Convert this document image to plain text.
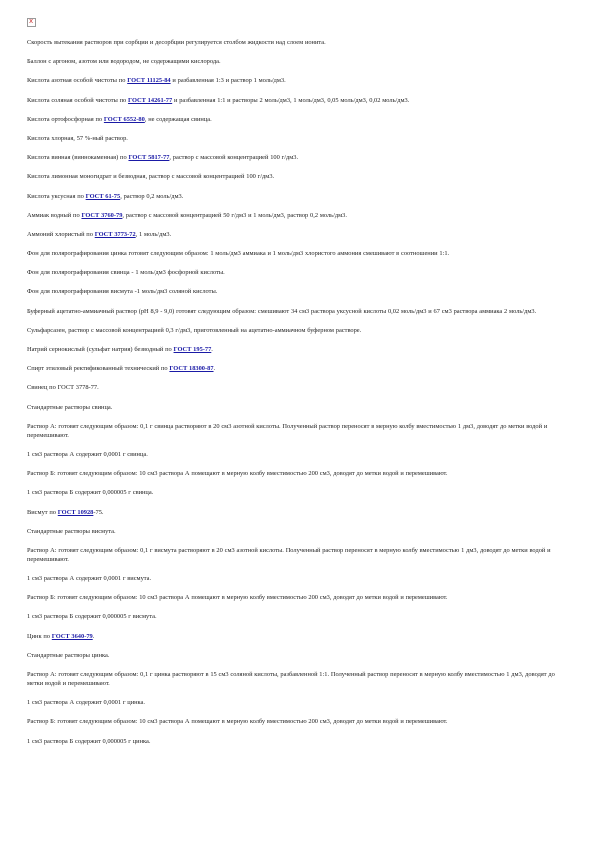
x

Скорость вытекания растворов при сорбции и десорбции регулируется столбом жидкости над слоем ионита.

Баллон с аргоном, азотом или водородом, не содержащими кислорода.

Кислота азотная особой чистоты по ГОСТ 11125-84 и разбавленная 1:3 и раствор 1 моль/дм3.

Кислота соляная особой чистоты по ГОСТ 14261-77 и разбавленная 1:1 и растворы 2 моль/дм3, 1 моль/дм3, 0,05 моль/дм3, 0,02 моль/дм3.

Кислота ортофосфорная по ГОСТ 6552-80, не содержащая свинца.

Кислота хлорная, 57 %-ный раствор.

Кислота винная (виннокаменная) по ГОСТ 5817-77, раствор с массовой концентрацией 100 г/дм3.

Кислота лимонная моногидрат и безводная, раствор с массовой концентрацией 100 г/дм3.

Кислота уксусная по ГОСТ 61-75, раствор 0,2 моль/дм3.

Аммиак водный по ГОСТ 3760-79, раствор с массовой концентрацией 50 г/дм3 и 1 моль/дм3, раствор 0,2 моль/дм3.

Аммоний хлористый по ГОСТ 3773-72, 1 моль/дм3.

Фон для полярографирования цинка готовят следующим образом: 1 моль/дм3 аммиака и 1 моль/дм3 хлористого аммония смешивают в соотношении 1:1.

Фон для полярографирования свинца - 1 моль/дм3 фосфорной кислоты.

Фон для полярографирования висмута -1 моль/дм3 соляной кислоты.

Буферный ацетатно-аммиачный раствор (рН 8,9 - 9,0) готовят следующим образом: смешивают 34 см3 раствора уксусной кислоты 0,02 моль/дм3 и 67 см3 раствора аммиака 2 моль/дм3.

Сульфарсазен, раствор с массовой концентрацией 0,3 г/дм3, приготовленный на ацетатно-аммиачном буферном растворе.

Натрий сернокислый (сульфат натрия) безводный по ГОСТ 195-77.

Спирт этиловый ректификованный технический по ГОСТ 18300-87.

Свинец по ГОСТ 3778-77.

Стандартные растворы свинца.

Раствор А: готовят следующим образом: 0,1 г свинца растворяют в 20 см3 азотной кислоты. Полученный раствор переносят в мерную колбу вместимостью 1 дм3, доводят до метки водой и перемешивают.

1 см3 раствора А содержит 0,0001 г свинца.

Раствор Б: готовят следующим образом: 10 см3 раствора А помещают в мерную колбу вместимостью 200 см3, доводят до метки водой и перемешивают.

1 см3 раствора Б содержит 0,000005 г свинца.

Висмут по ГОСТ 10928-75.

Стандартные растворы висмута.

Раствор А: готовят следующим образом: 0,1 г висмута растворяют в 20 см3 азотной кислоты. Полученный раствор переносят в мерную колбу вместимостью 1 дм3, доводят до метки водой и перемешивают.

1 см3 раствора А содержит 0,0001 г висмута.

Раствор Б: готовят следующим образом: 10 см3 раствора А помещают в мерную колбу вместимостью 200 см3, доводят до метки водой и перемешивают.

1 см3 раствора Б содержит 0,000005 г висмута.

Цинк по ГОСТ 3640-79.

Стандартные растворы цинка.

Раствор А: готовят следующим образом: 0,1 г цинка растворяют в 15 см3 соляной кислоты, разбавленной 1:1. Полученный раствор переносят в мерную колбу вместимостью 1 дм3, доводят до метки водой и перемешивают.

1 см3 раствора А содержит 0,0001 г цинка.

Раствор Б: готовят следующим образом: 10 см3 раствора А помещают в мерную колбу вместимостью 200 см3, доводят до метки водой и перемешивают.

1 см3 раствора Б содержит 0,000005 г цинка.
